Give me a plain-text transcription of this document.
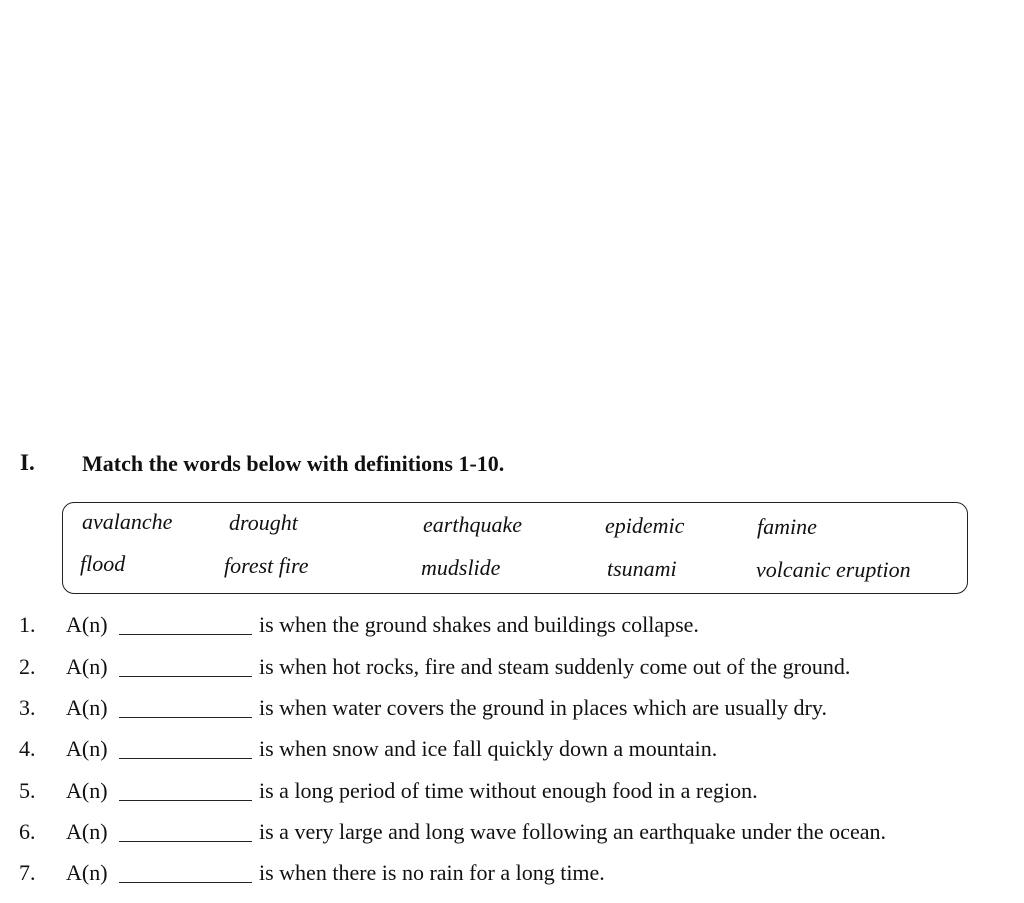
I. Match the words below with definitions 1-10.
avalanche	drought	earthquake	epidemic	famine
flood	forest fire	mudslide	tsunami	volcanic eruption
1. A(n)	is when the ground shakes and buildings collapse.
2. A(n)	is when hot rocks, fire and steam suddenly come out of the ground.
3. A(n)	is when water covers the ground in places which are usually dry.
4. A(n)	is when snow and ice fall quickly down a mountain.
5. A(n)	is a long period of time without enough food in a region.
6. A(n)	is a very large and long wave following an earthquake under the ocean.
7. A(n)	is when there is no rain for a long time.
